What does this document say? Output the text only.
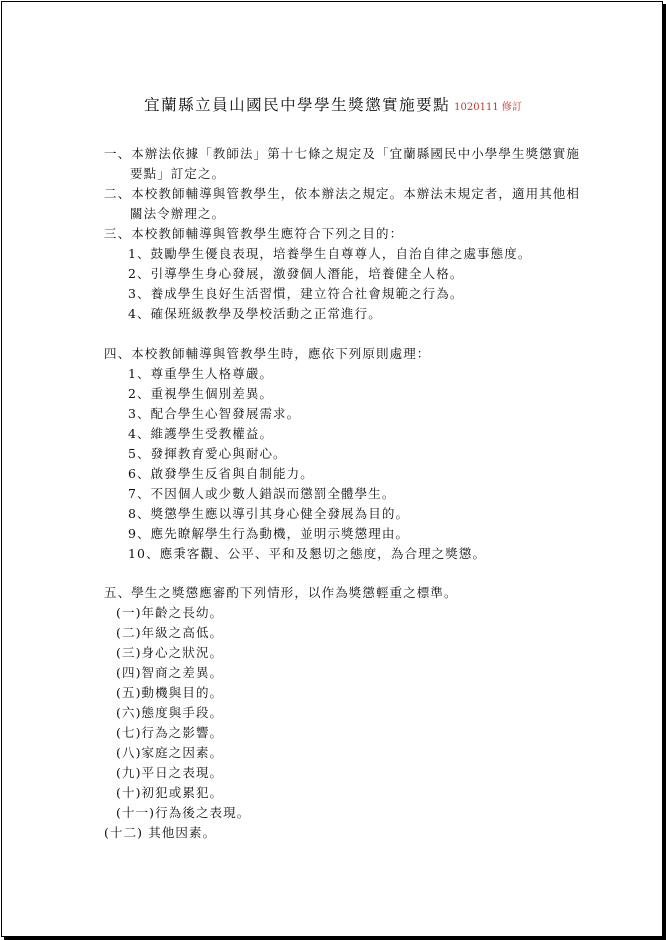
宜蘭縣立員山國民中學學生獎懲實施要點 1020111 修訂
一、本辦法依據「教師法」第十七條之規定及「宜蘭縣國民中小學學生獎懲實施
要點」訂定之。
二、本校教師輔導與管教學生，依本辦法之規定。本辦法未規定者，適用其他相
關法令辦理之。
三、本校教師輔導與管教學生應符合下列之目的：
1、鼓勵學生優良表現，培養學生自尊尊人，自治自律之處事態度。
2、引導學生身心發展，激發個人潛能，培養健全人格。
3、養成學生良好生活習慣，建立符合社會規範之行為。
4、確保班級教學及學校活動之正常進行。
四、本校教師輔導與管教學生時，應依下列原則處理：
1、尊重學生人格尊嚴。
2、重視學生個別差異。
3、配合學生心智發展需求。
4、維護學生受教權益。
5、發揮教育愛心與耐心。
6、啟發學生反省與自制能力。
7、不因個人或少數人錯誤而懲罰全體學生。
8、獎懲學生應以導引其身心健全發展為目的。
9、應先瞭解學生行為動機，並明示獎懲理由。
10、應秉客觀、公平、平和及懇切之態度，為合理之獎懲。
五、學生之獎懲應審酌下列情形，以作為獎懲輕重之標準。
(一)年齡之長幼。
(二)年級之高低。
(三)身心之狀況。
(四)智商之差異。
(五)動機與目的。
(六)態度與手段。
(七)行為之影響。
(八)家庭之因素。
(九)平日之表現。
(十)初犯或累犯。
(十一)行為後之表現。
(十二) 其他因素。
